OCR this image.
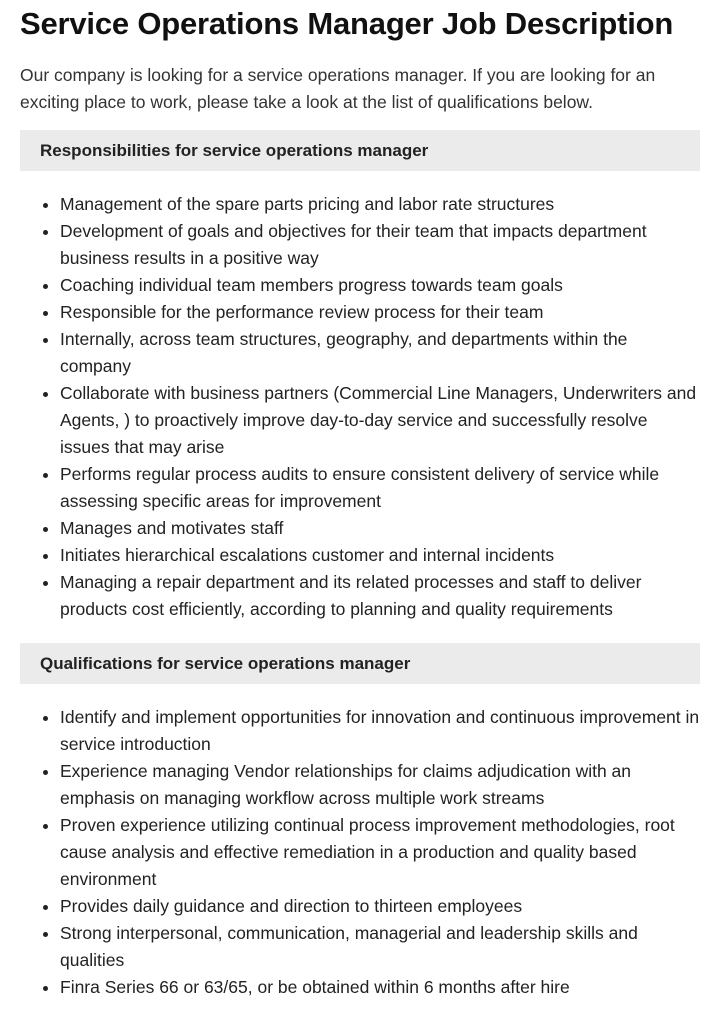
Service Operations Manager Job Description

Our company is looking for a service operations manager. If you are looking for an exciting place to work, please take a look at the list of qualifications below.

Responsibilities for service operations manager
• Management of the spare parts pricing and labor rate structures
• Development of goals and objectives for their team that impacts department business results in a positive way
• Coaching individual team members progress towards team goals
• Responsible for the performance review process for their team
• Internally, across team structures, geography, and departments within the company
• Collaborate with business partners (Commercial Line Managers, Underwriters and Agents, ) to proactively improve day-to-day service and successfully resolve issues that may arise
• Performs regular process audits to ensure consistent delivery of service while assessing specific areas for improvement
• Manages and motivates staff
• Initiates hierarchical escalations customer and internal incidents
• Managing a repair department and its related processes and staff to deliver products cost efficiently, according to planning and quality requirements
Qualifications for service operations manager
• Identify and implement opportunities for innovation and continuous improvement in service introduction
• Experience managing Vendor relationships for claims adjudication with an emphasis on managing workflow across multiple work streams
• Proven experience utilizing continual process improvement methodologies, root cause analysis and effective remediation in a production and quality based environment
• Provides daily guidance and direction to thirteen employees
• Strong interpersonal, communication, managerial and leadership skills and qualities
• Finra Series 66 or 63/65, or be obtained within 6 months after hire
